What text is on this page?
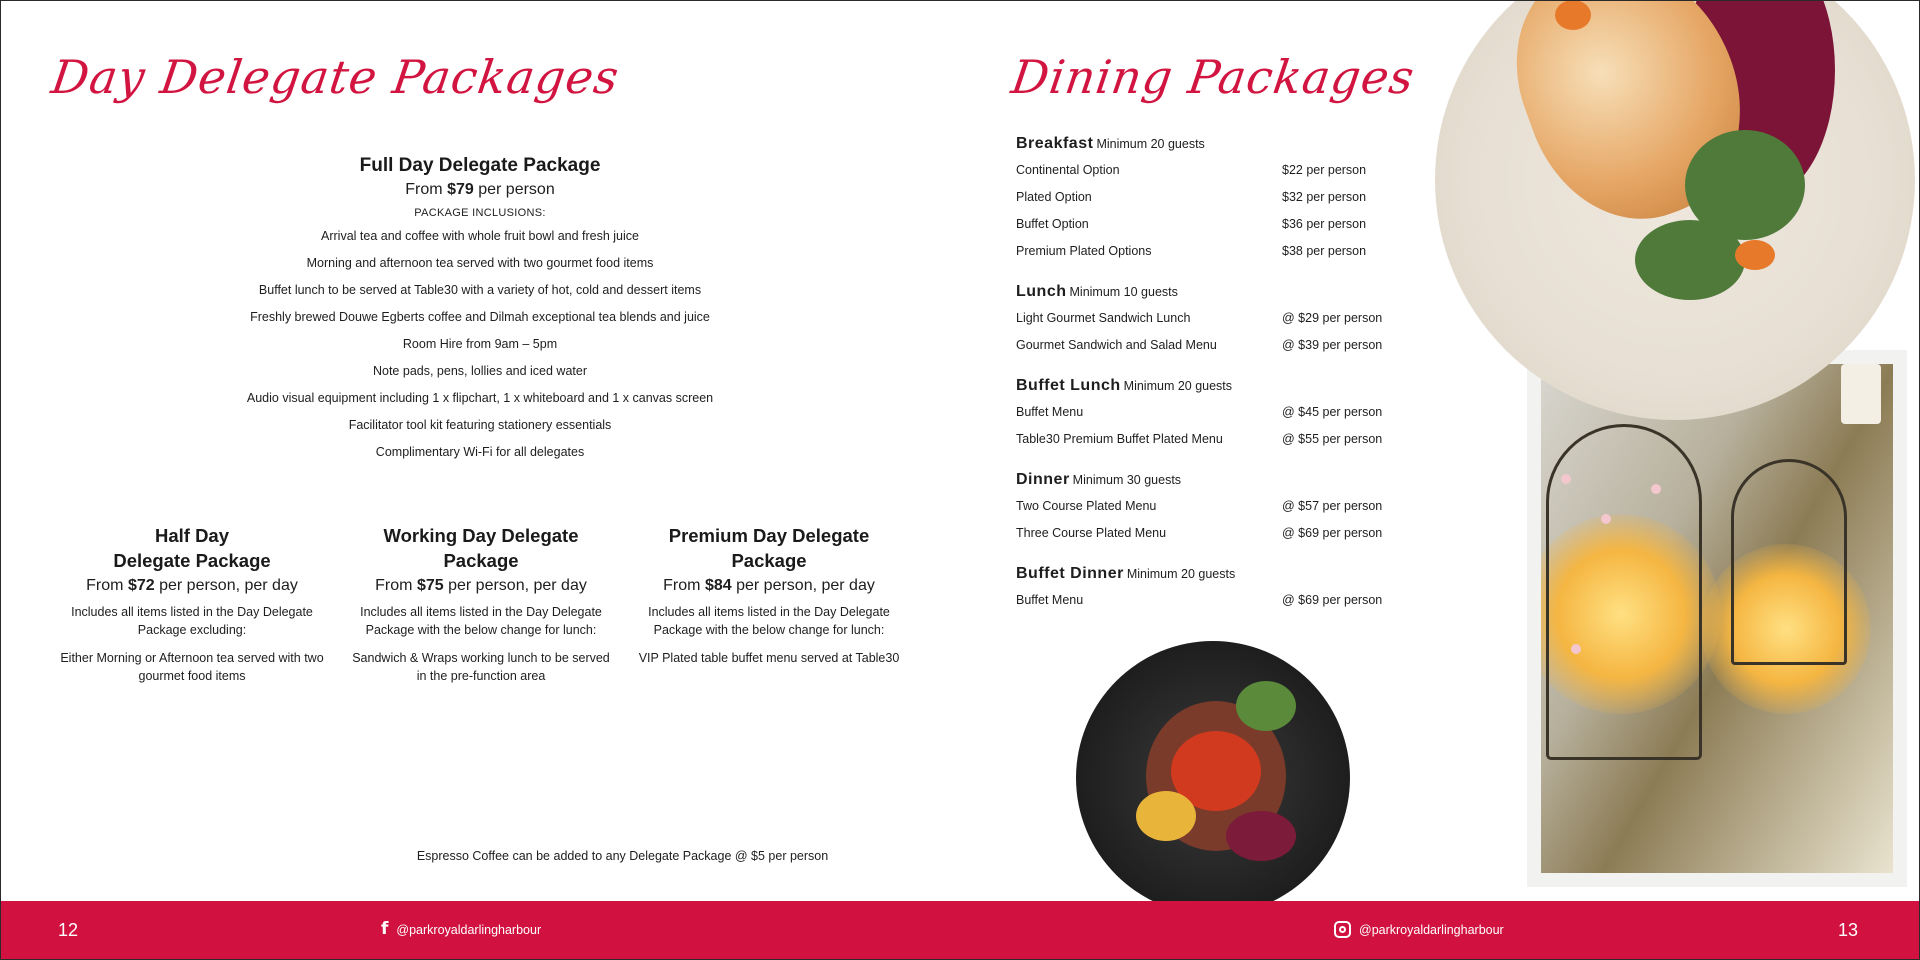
Day Delegate Packages
Full Day Delegate Package

From $79 per person

PACKAGE INCLUSIONS:

Arrival tea and coffee with whole fruit bowl and fresh juice
Morning and afternoon tea served with two gourmet food items
Buffet lunch to be served at Table30 with a variety of hot, cold and dessert items
Freshly brewed Douwe Egberts coffee and Dilmah exceptional tea blends and juice
Room Hire from 9am – 5pm
Note pads, pens, lollies and iced water
Audio visual equipment including 1 x flipchart, 1 x whiteboard and 1 x canvas screen
Facilitator tool kit featuring stationery essentials
Complimentary Wi-Fi for all delegates
Half Day
Delegate Package

From $72 per person, per day

Includes all items listed in the Day Delegate Package excluding:

Either Morning or Afternoon tea served with two gourmet food items

Working Day Delegate
Package

From $75 per person, per day

Includes all items listed in the Day Delegate Package with the below change for lunch:

Sandwich & Wraps working lunch to be served in the pre-function area

Premium Day Delegate
Package

From $84 per person, per day

Includes all items listed in the Day Delegate Package with the below change for lunch:

VIP Plated table buffet menu served at Table30

Espresso Coffee can be added to any Delegate Package @ $5 per person

Dining Packages
Breakfast Minimum 20 guests
Continental Option	$22 per person
Plated Option	$32 per person
Buffet Option	$36 per person
Premium Plated Options	$38 per person
Lunch Minimum 10 guests
Light Gourmet Sandwich Lunch	@ $29 per person
Gourmet Sandwich and Salad Menu	@ $39 per person
Buffet Lunch Minimum 20 guests
Buffet Menu	@ $45 per person
Table30 Premium Buffet Plated Menu	@ $55 per person
Dinner Minimum 30 guests
Two Course Plated Menu	@ $57 per person
Three Course Plated Menu	@ $69 per person
Buffet Dinner Minimum 20 guests
Buffet Menu	@ $69 per person
12	f @parkroyaldarlingharbour	@parkroyaldarlingharbour	13
